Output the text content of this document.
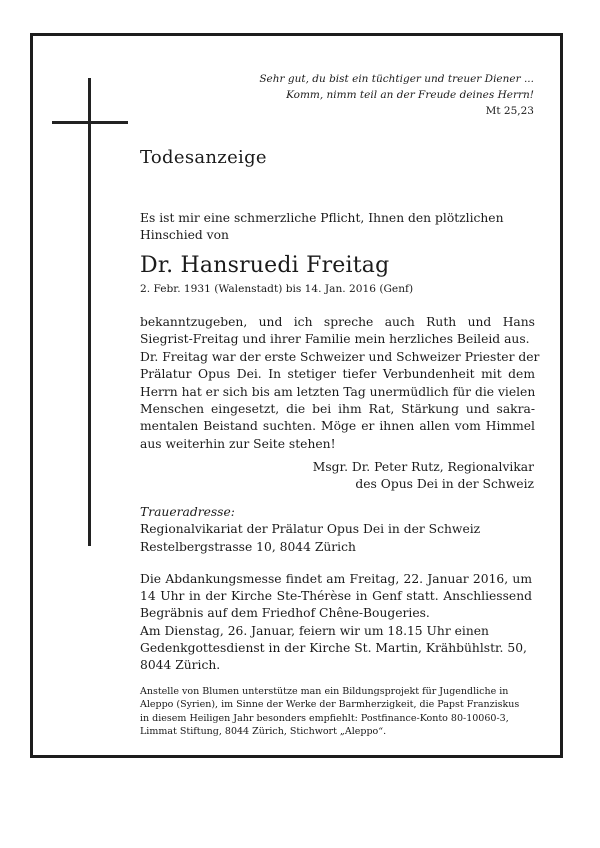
Sehr gut, du bist ein tüchtiger und treuer Diener ...
Komm, nimm teil an der Freude deines Herrn!
Mt 25,23
Todesanzeige
Es ist mir eine schmerzliche Pflicht, Ihnen den plötzlichen
Hinschied von
Dr. Hansruedi Freitag
2. Febr. 1931 (Walenstadt) bis 14. Jan. 2016 (Genf)
bekanntzugeben, und ich spreche auch Ruth und Hans
Siegrist-Freitag und ihrer Familie mein herzliches Beileid aus.
Dr. Freitag war der erste Schweizer und Schweizer Priester der
Prälatur Opus Dei. In stetiger tiefer Verbundenheit mit dem
Herrn hat er sich bis am letzten Tag unermüdlich für die vielen
Menschen eingesetzt, die bei ihm Rat, Stärkung und sakra-
mentalen Beistand suchten. Möge er ihnen allen vom Himmel
aus weiterhin zur Seite stehen!
Msgr. Dr. Peter Rutz, Regionalvikar
des Opus Dei in der Schweiz
Traueradresse:
Regionalvikariat der Prälatur Opus Dei in der Schweiz
Restelbergstrasse 10, 8044 Zürich
Die Abdankungsmesse findet am Freitag, 22. Januar 2016, um
14 Uhr in der Kirche Ste-Thérèse in Genf statt. Anschliessend
Begräbnis auf dem Friedhof Chêne-Bougeries.
Am Dienstag, 26. Januar, feiern wir um 18.15 Uhr einen
Gedenkgottesdienst in der Kirche St. Martin, Krähbühlstr. 50,
8044 Zürich.
Anstelle von Blumen unterstütze man ein Bildungsprojekt für Jugendliche in
Aleppo (Syrien), im Sinne der Werke der Barmherzigkeit, die Papst Franziskus
in diesem Heiligen Jahr besonders empfiehlt: Postfinance-Konto 80-10060-3,
Limmat Stiftung, 8044 Zürich, Stichwort „Aleppo“.
